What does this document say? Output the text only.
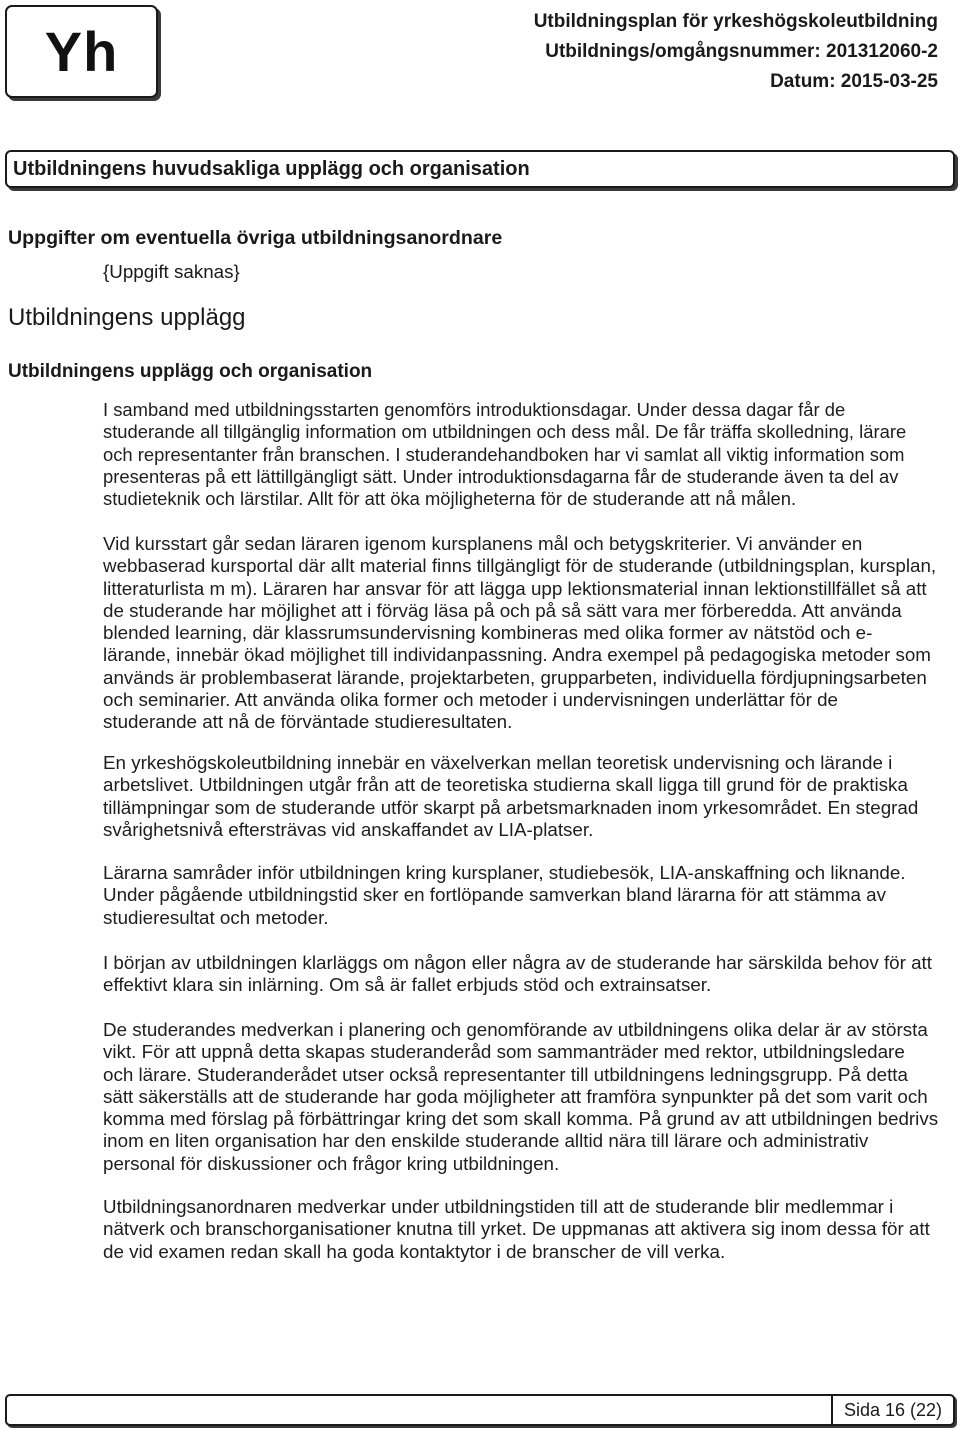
Yh	Utbildningsplan för yrkeshögskoleutbildning
Utbildnings/omgångsnummer: 201312060-2
Datum: 2015-03-25
Utbildningens huvudsakliga upplägg och organisation
Uppgifter om eventuella övriga utbildningsanordnare
{Uppgift saknas}
Utbildningens upplägg
Utbildningens upplägg och organisation
I samband med utbildningsstarten genomförs introduktionsdagar. Under dessa dagar får de
studerande all tillgänglig information om utbildningen och dess mål. De får träffa skolledning, lärare
och representanter från branschen. I studerandehandboken har vi samlat all viktig information som
presenteras på ett lättillgängligt sätt. Under introduktionsdagarna får de studerande även ta del av
studieteknik och lärstilar. Allt för att öka möjligheterna för de studerande att nå målen.
Vid kursstart går sedan läraren igenom kursplanens mål och betygskriterier. Vi använder en
webbaserad kursportal där allt material finns tillgängligt för de studerande (utbildningsplan, kursplan,
litteraturlista m m). Läraren har ansvar för att lägga upp lektionsmaterial innan lektionstillfället så att
de studerande har möjlighet att i förväg läsa på och på så sätt vara mer förberedda. Att använda
blended learning, där klassrumsundervisning kombineras med olika former av nätstöd och e-
lärande, innebär ökad möjlighet till individanpassning. Andra exempel på pedagogiska metoder som
används är problembaserat lärande, projektarbeten, grupparbeten, individuella fördjupningsarbeten
och seminarier. Att använda olika former och metoder i undervisningen underlättar för de
studerande att nå de förväntade studieresultaten.
En yrkeshögskoleutbildning innebär en växelverkan mellan teoretisk undervisning och lärande i
arbetslivet. Utbildningen utgår från att de teoretiska studierna skall ligga till grund för de praktiska
tillämpningar som de studerande utför skarpt på arbetsmarknaden inom yrkesområdet. En stegrad
svårighetsnivå eftersträvas vid anskaffandet av LIA-platser.
Lärarna samråder inför utbildningen kring kursplaner, studiebesök, LIA-anskaffning och liknande.
Under pågående utbildningstid sker en fortlöpande samverkan bland lärarna för att stämma av
studieresultat och metoder.
I början av utbildningen klarläggs om någon eller några av de studerande har särskilda behov för att
effektivt klara sin inlärning. Om så är fallet erbjuds stöd och extrainsatser.
De studerandes medverkan i planering och genomförande av utbildningens olika delar är av största
vikt. För att uppnå detta skapas studeranderåd som sammanträder med rektor, utbildningsledare
och lärare. Studeranderådet utser också representanter till utbildningens ledningsgrupp. På detta
sätt säkerställs att de studerande har goda möjligheter att framföra synpunkter på det som varit och
komma med förslag på förbättringar kring det som skall komma. På grund av att utbildningen bedrivs
inom en liten organisation har den enskilde studerande alltid nära till lärare och administrativ
personal för diskussioner och frågor kring utbildningen.
Utbildningsanordnaren medverkar under utbildningstiden till att de studerande blir medlemmar i
nätverk och branschorganisationer knutna till yrket. De uppmanas att aktivera sig inom dessa för att
de vid examen redan skall ha goda kontaktytor i de branscher de vill verka.
Sida 16 (22)
